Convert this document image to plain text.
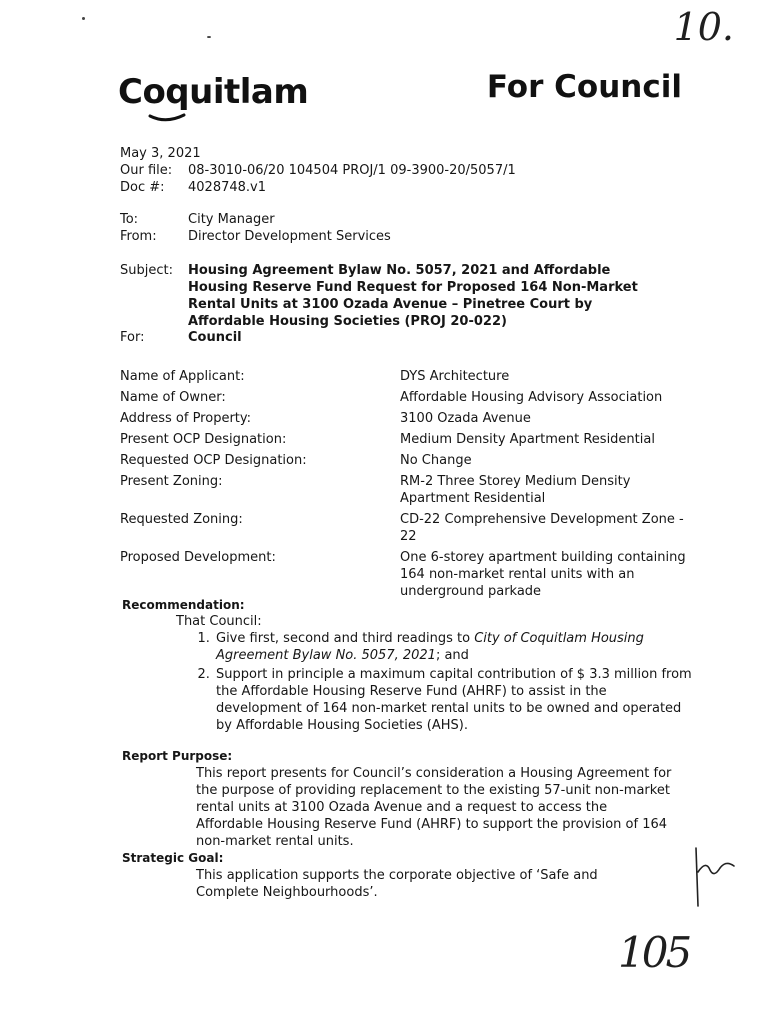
Coquitlam	For Council
10.
May 3, 2021
Our file:	08-3010-06/20 104504 PROJ/1 09-3900-20/5057/1
Doc #:	4028748.v1
To:	City Manager
From:	Director Development Services
Subject:	Housing Agreement Bylaw No. 5057, 2021 and Affordable Housing Reserve Fund Request for Proposed 164 Non-Market Rental Units at 3100 Ozada Avenue – Pinetree Court by Affordable Housing Societies (PROJ 20-022)
For:	Council
Name of Applicant:	DYS Architecture
Name of Owner:	Affordable Housing Advisory Association
Address of Property:	3100 Ozada Avenue
Present OCP Designation:	Medium Density Apartment Residential
Requested OCP Designation:	No Change
Present Zoning:	RM-2 Three Storey Medium Density Apartment Residential
Requested Zoning:	CD-22 Comprehensive Development Zone - 22
Proposed Development:	One 6-storey apartment building containing 164 non-market rental units with an underground parkade
Recommendation:
That Council:
1. Give first, second and third readings to City of Coquitlam Housing Agreement Bylaw No. 5057, 2021; and
2. Support in principle a maximum capital contribution of $ 3.3 million from the Affordable Housing Reserve Fund (AHRF) to assist in the development of 164 non-market rental units to be owned and operated by Affordable Housing Societies (AHS).
Report Purpose:
This report presents for Council’s consideration a Housing Agreement for the purpose of providing replacement to the existing 57-unit non-market rental units at 3100 Ozada Avenue and a request to access the Affordable Housing Reserve Fund (AHRF) to support the provision of 164 non-market rental units.
Strategic Goal:
This application supports the corporate objective of ‘Safe and Complete Neighbourhoods’.
105
